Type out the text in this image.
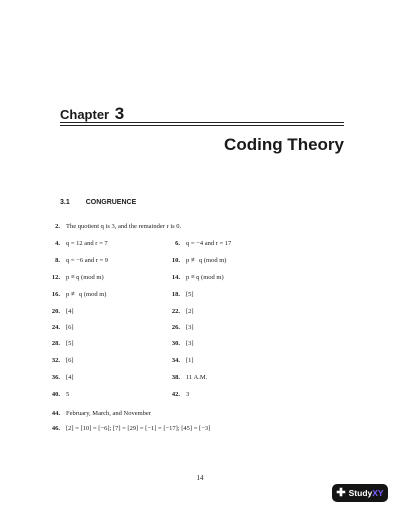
Chapter 3
Coding Theory
3.1 CONGRUENCE
2. The quotient q is 3, and the remainder r is 0.
4. q = 12 and r = 7
8. q = −6 and r = 9
12. p ≡ q (mod m)
16. p ≢ q (mod m)
20. [4]
24. [6]
28. [5]
32. [6]
36. [4]
40. 5
44. February, March, and November
46. [2] = [10] = [−6]; [7] = [29] = [−1] = [−17]; [45] = [−3]
6. q = −4 and r = 17
10. p ≢ q (mod m)
14. p ≡ q (mod m)
18. [5]
22. [2]
26. [3]
30. [3]
34. [1]
38. 11 A.M.
42. 3
14
✚ StudyXY
